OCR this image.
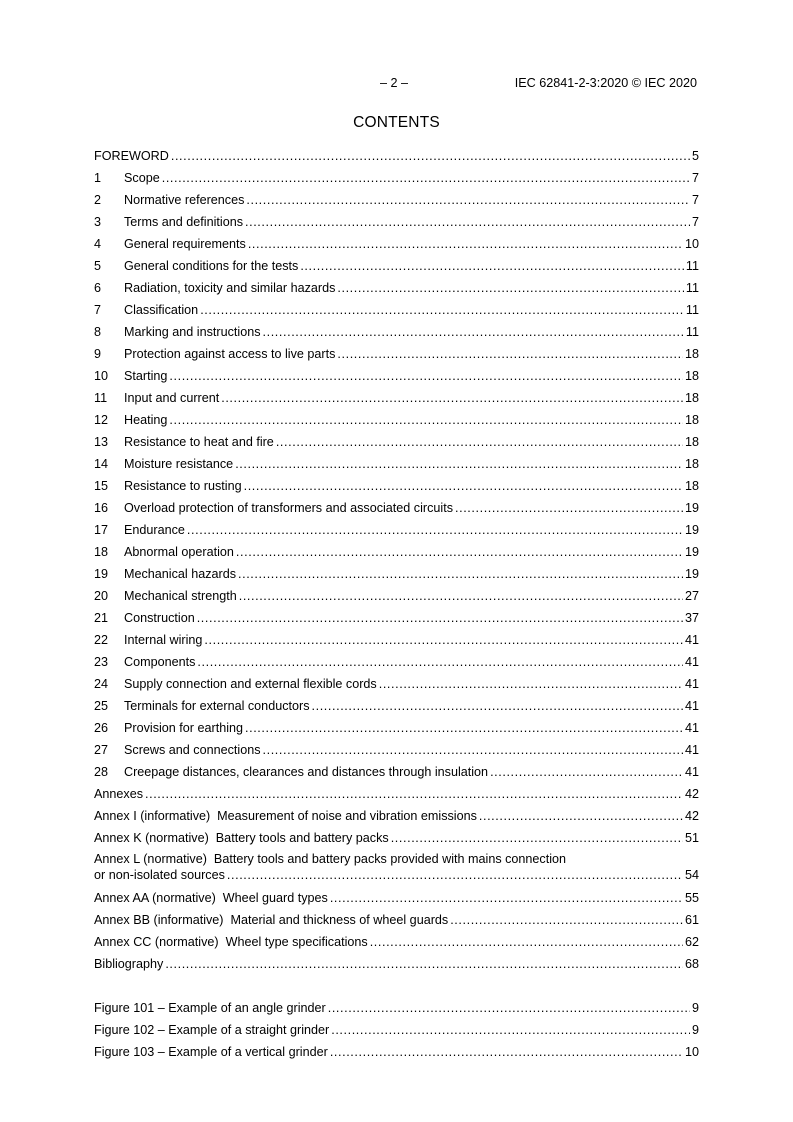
– 2 –	IEC 62841-2-3:2020 © IEC 2020
CONTENTS
FOREWORD .....	5
1	Scope .....	7
2	Normative references .....	7
3	Terms and definitions .....	7
4	General requirements .....	10
5	General conditions for the tests .....	11
6	Radiation, toxicity and similar hazards .....	11
7	Classification .....	11
8	Marking and instructions .....	11
9	Protection against access to live parts .....	18
10	Starting .....	18
11	Input and current .....	18
12	Heating .....	18
13	Resistance to heat and fire .....	18
14	Moisture resistance .....	18
15	Resistance to rusting .....	18
16	Overload protection of transformers and associated circuits .....	19
17	Endurance .....	19
18	Abnormal operation .....	19
19	Mechanical hazards .....	19
20	Mechanical strength .....	27
21	Construction .....	37
22	Internal wiring .....	41
23	Components .....	41
24	Supply connection and external flexible cords .....	41
25	Terminals for external conductors .....	41
26	Provision for earthing .....	41
27	Screws and connections .....	41
28	Creepage distances, clearances and distances through insulation .....	41
Annexes .....	42
Annex I (informative)  Measurement of noise and vibration emissions .....	42
Annex K (normative)  Battery tools and battery packs .....	51
Annex L (normative)  Battery tools and battery packs provided with mains connection
or non-isolated sources .....	54
Annex AA (normative)  Wheel guard types .....	55
Annex BB (informative)  Material and thickness of wheel guards .....	61
Annex CC (normative)  Wheel type specifications .....	62
Bibliography .....	68
Figure 101 – Example of an angle grinder .....	9
Figure 102 – Example of a straight grinder .....	9
Figure 103 – Example of a vertical grinder .....	10
